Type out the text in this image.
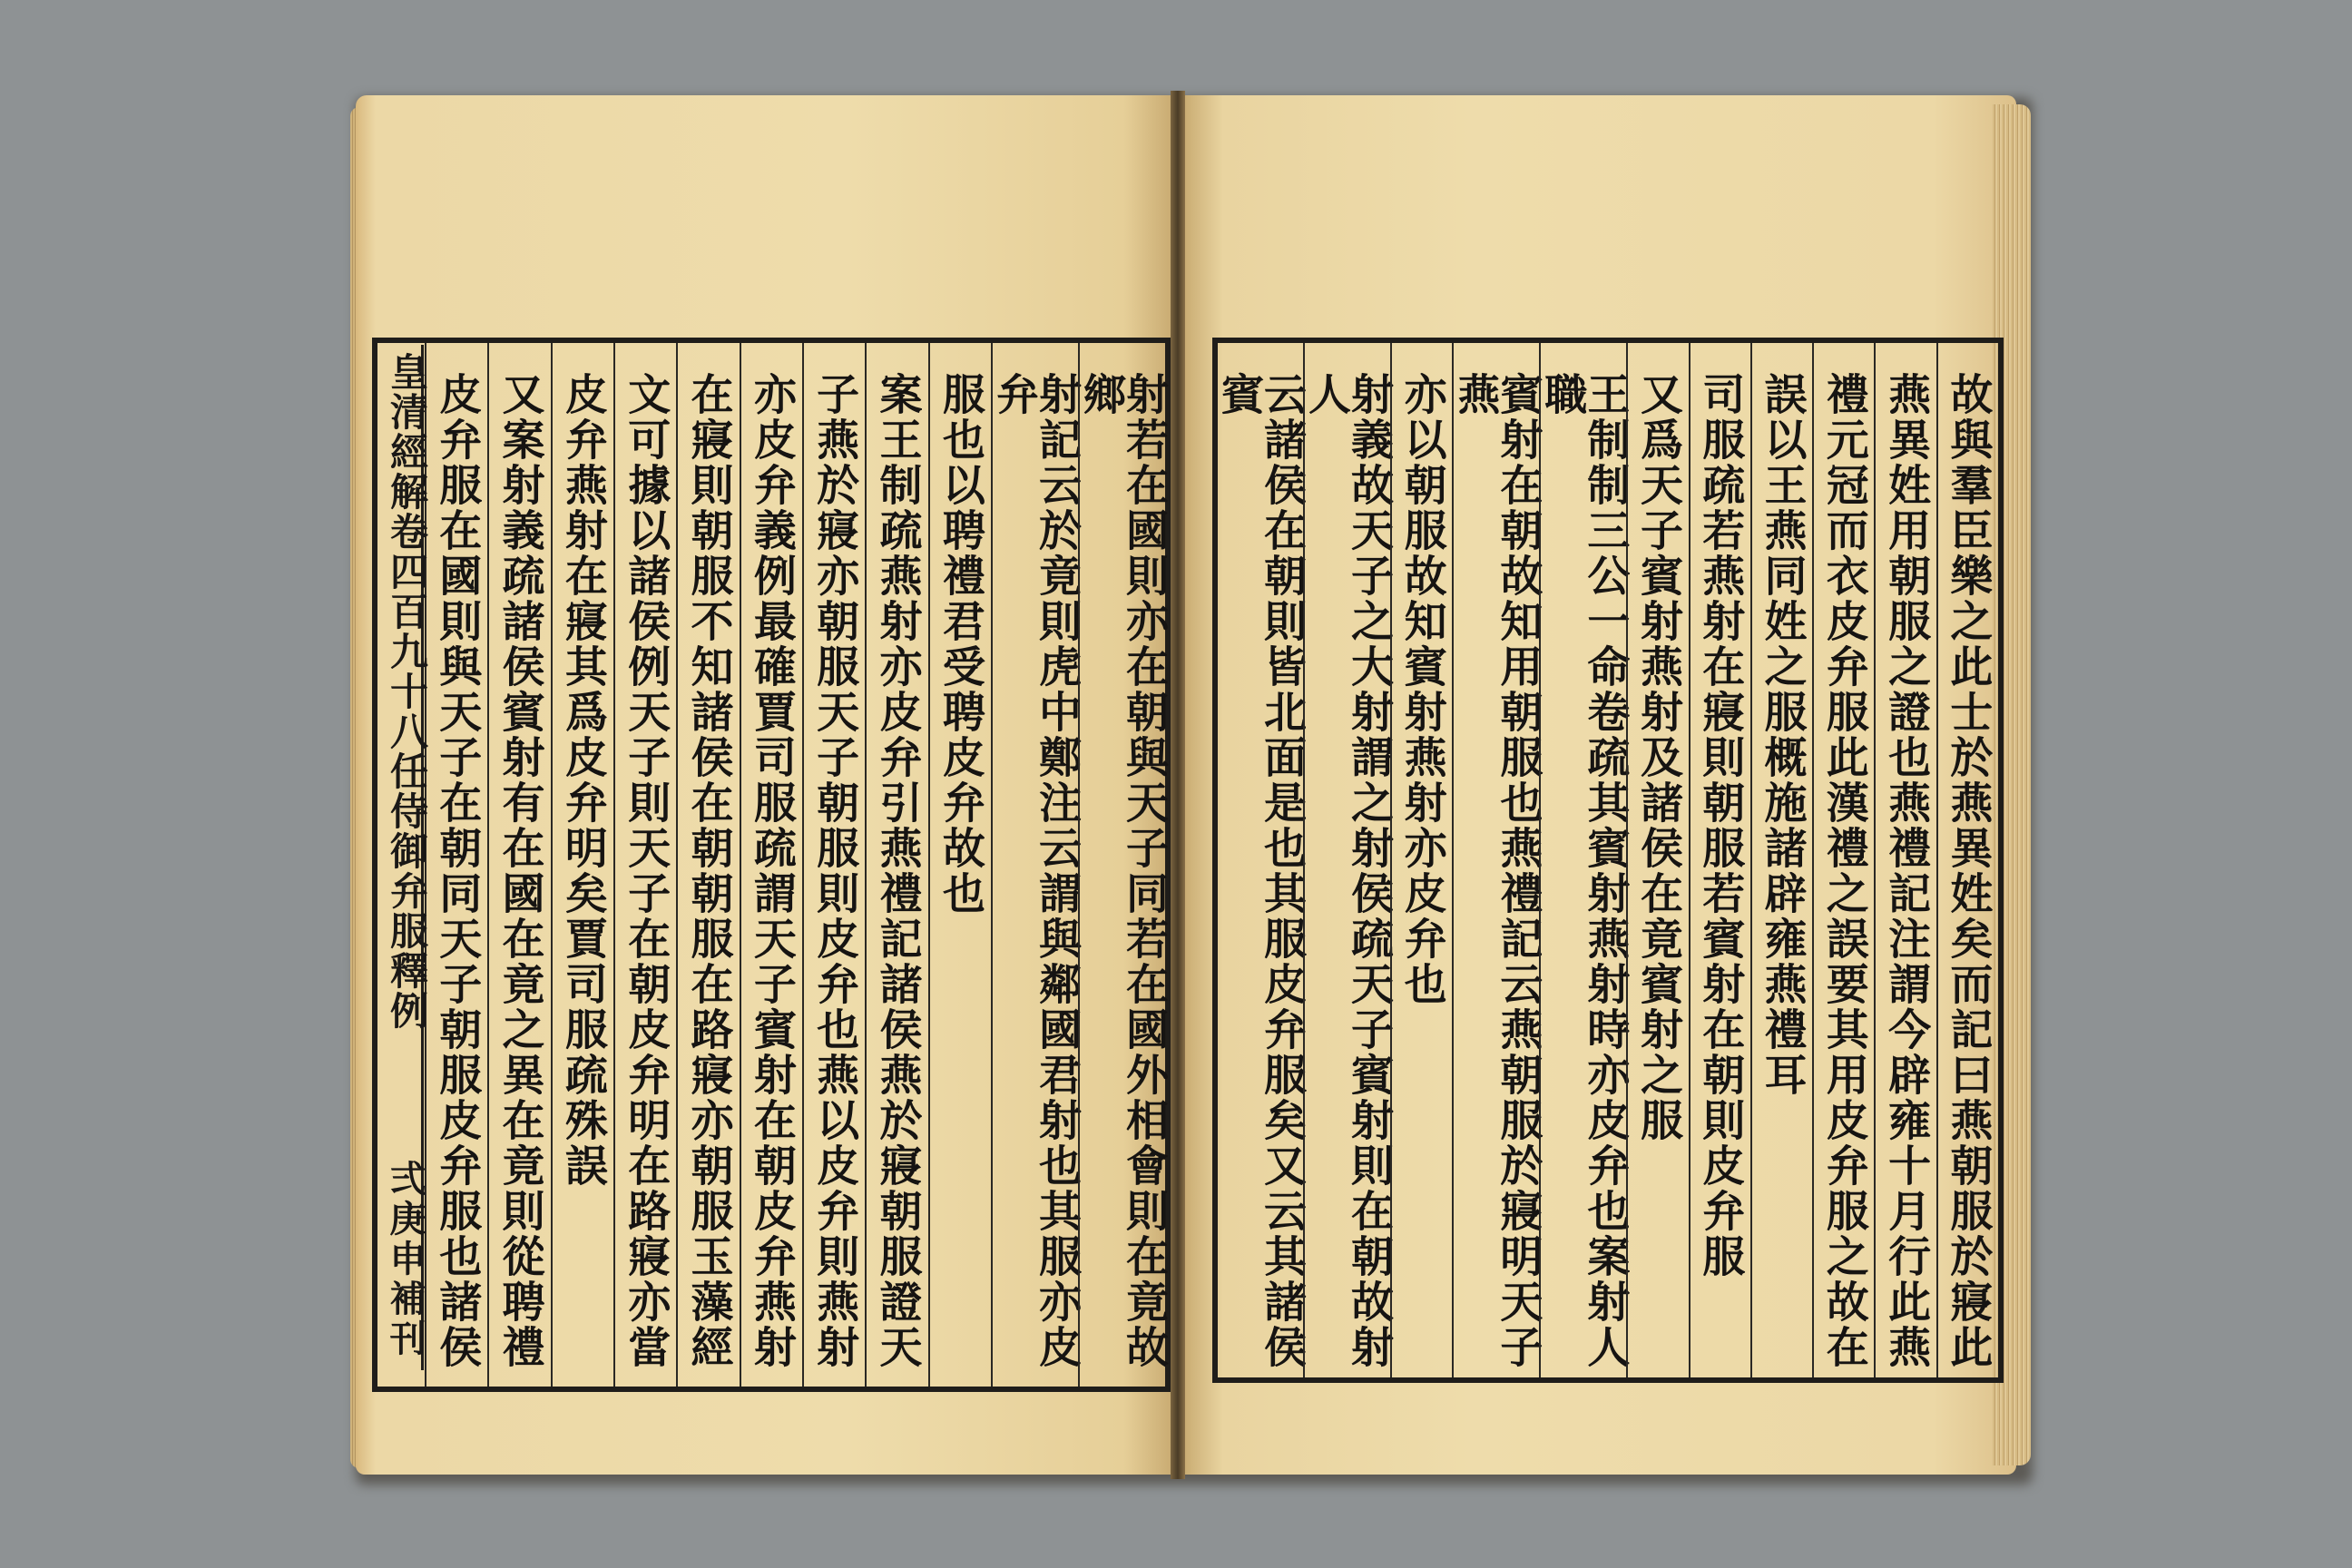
射若在國則亦在朝與天子同若在國外相會則在竟故鄉
射記云於竟則虎中鄭注云謂與鄰國君射也其服亦皮弁
服也以聘禮君受聘皮弁故也
案王制疏燕射亦皮弁引燕禮記諸侯燕於寢朝服證天
子燕於寢亦朝服天子朝服則皮弁也燕以皮弁則燕射
亦皮弁義例最確賈司服疏謂天子賓射在朝皮弁燕射
在寢則朝服不知諸侯在朝朝服在路寢亦朝服玉藻經
文可據以諸侯例天子則天子在朝皮弁明在路寢亦當
皮弁燕射在寢其爲皮弁明矣賈司服疏殊誤
又案射義疏諸侯賓射有在國在竟之異在竟則從聘禮
皮弁服在國則與天子在朝同天子朝服皮弁服也諸侯
皇清經解卷四百九十八任侍御弁服釋例
弍庚申補刊	故與羣臣樂之此士於燕異姓矣而記曰燕朝服於寢此
燕異姓用朝服之證也燕禮記注謂今辟雍十月行此燕
禮元冠而衣皮弁服此漢禮之誤要其用皮弁服之故在
誤以王燕同姓之服概施諸辟雍燕禮耳
司服疏若燕射在寢則朝服若賓射在朝則皮弁服
又爲天子賓射燕射及諸侯在竟賓射之服
王制制三公一命卷疏其賓射燕射時亦皮弁也案射人職
賓射在朝故知用朝服也燕禮記云燕朝服於寢明天子燕
亦以朝服故知賓射燕射亦皮弁也
射義故天子之大射謂之射侯疏天子賓射則在朝故射人
云諸侯在朝則皆北面是也其服皮弁服矣又云其諸侯賓
